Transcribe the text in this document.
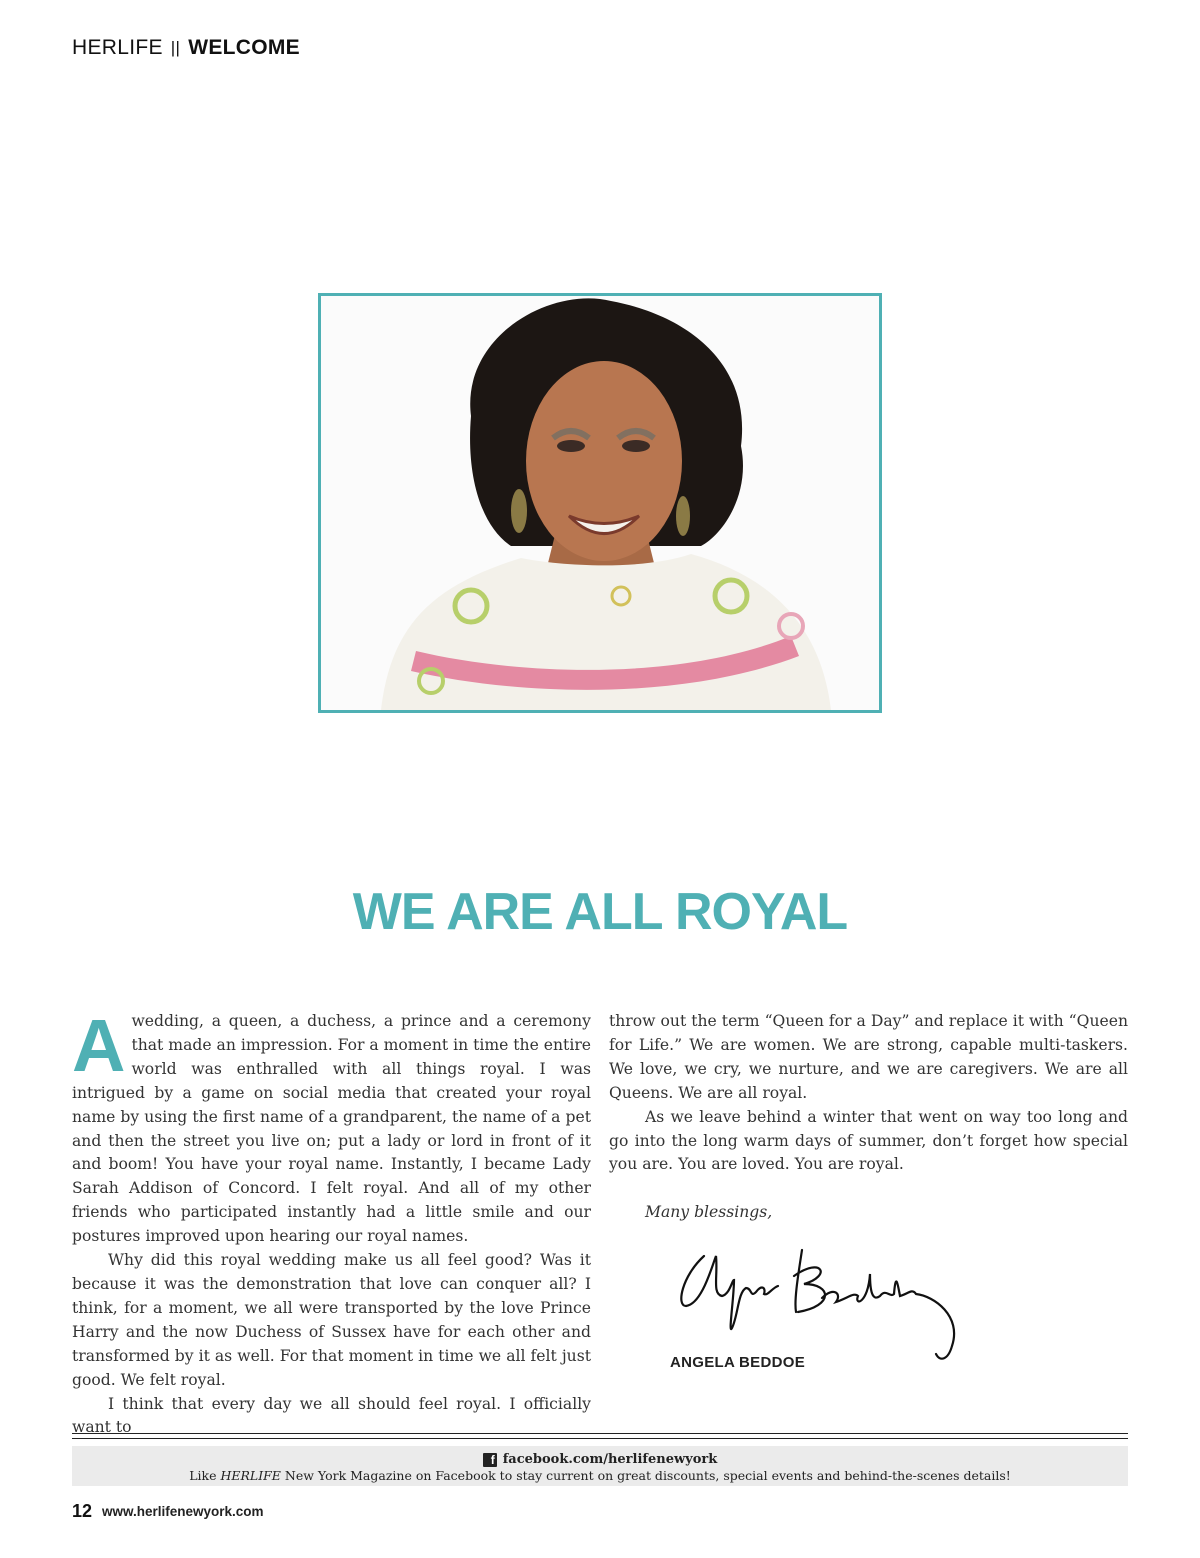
HERLIFE || WELCOME
WE ARE ALL ROYAL

A wedding, a queen, a duchess, a prince and a ceremony that made an impression. For a moment in time the entire world was enthralled with all things royal. I was intrigued by a game on social media that created your royal name by using the first name of a grandparent, the name of a pet and then the street you live on; put a lady or lord in front of it and boom! You have your royal name. Instantly, I became Lady Sarah Addison of Concord. I felt royal. And all of my other friends who participated instantly had a little smile and our postures improved upon hearing our royal names.

Why did this royal wedding make us all feel good? Was it because it was the demonstration that love can conquer all? I think, for a moment, we all were transported by the love Prince Harry and the now Duchess of Sussex have for each other and transformed by it as well. For that moment in time we all felt just good. We felt royal.

I think that every day we all should feel royal. I officially want to

throw out the term “Queen for a Day” and replace it with “Queen for Life.” We are women. We are strong, capable multi-taskers. We love, we cry, we nurture, and we are caregivers. We are all Queens. We are all royal.

As we leave behind a winter that went on way too long and go into the long warm days of summer, don’t forget how special you are. You are loved. You are royal.

Many blessings,

ANGELA BEDDOE
f facebook.com/herlifenewyork
Like HERLIFE New York Magazine on Facebook to stay current on great discounts, special events and behind-the-scenes details!
12 www.herlifenewyork.com
